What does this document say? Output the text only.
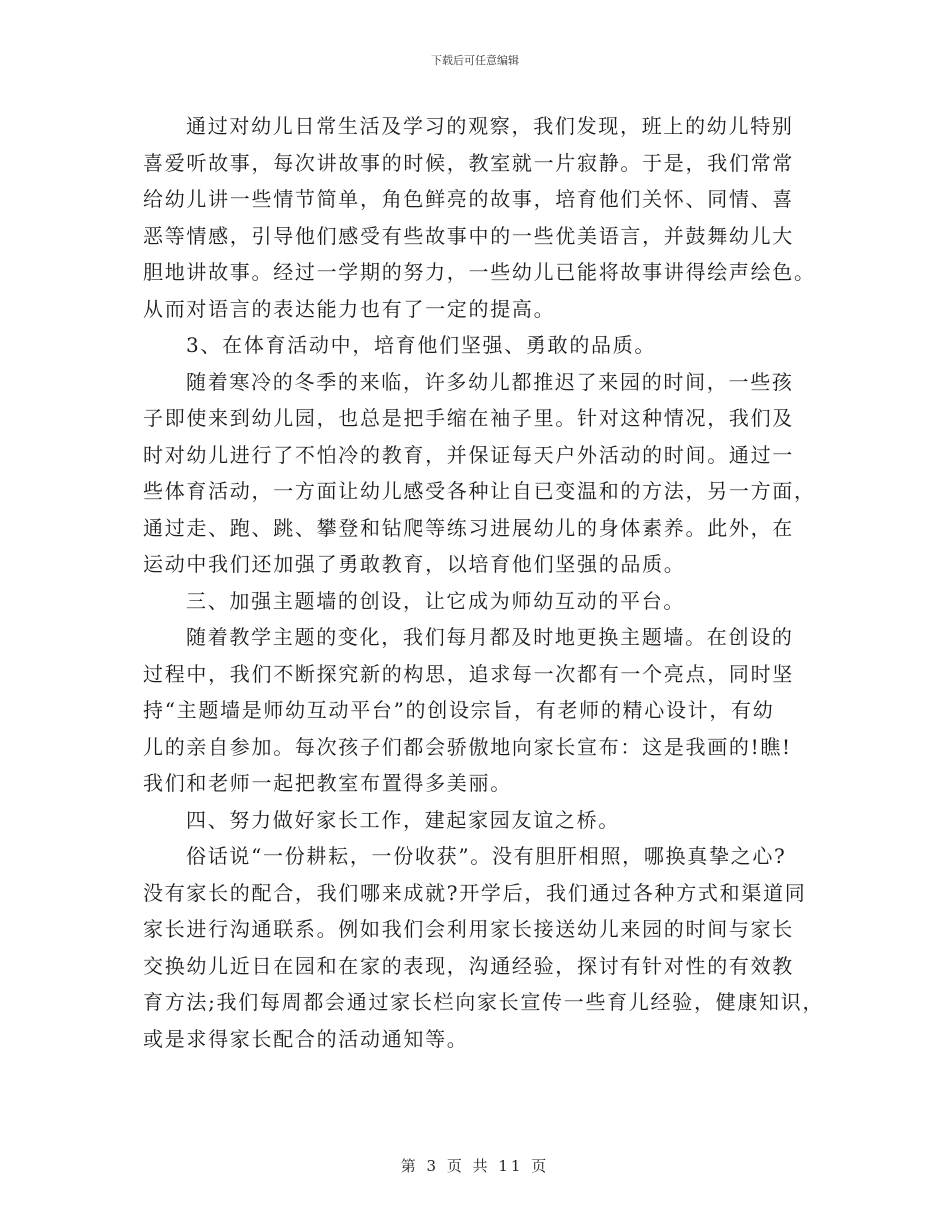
下载后可任意编辑
通过对幼儿日常生活及学习的观察，我们发现，班上的幼儿特别
喜爱听故事，每次讲故事的时候，教室就一片寂静。于是，我们常常
给幼儿讲一些情节简单，角色鲜亮的故事，培育他们关怀、同情、喜
恶等情感，引导他们感受有些故事中的一些优美语言，并鼓舞幼儿大
胆地讲故事。经过一学期的努力，一些幼儿已能将故事讲得绘声绘色。
从而对语言的表达能力也有了一定的提高。
3、在体育活动中，培育他们坚强、勇敢的品质。
随着寒冷的冬季的来临，许多幼儿都推迟了来园的时间，一些孩
子即使来到幼儿园，也总是把手缩在袖子里。针对这种情况，我们及
时对幼儿进行了不怕冷的教育，并保证每天户外活动的时间。通过一
些体育活动，一方面让幼儿感受各种让自已变温和的方法，另一方面，
通过走、跑、跳、攀登和钻爬等练习进展幼儿的身体素养。此外，在
运动中我们还加强了勇敢教育，以培育他们坚强的品质。
三、加强主题墙的创设，让它成为师幼互动的平台。
随着教学主题的变化，我们每月都及时地更换主题墙。在创设的
过程中，我们不断探究新的构思，追求每一次都有一个亮点，同时坚
持“主题墙是师幼互动平台”的创设宗旨，有老师的精心设计，有幼
儿的亲自参加。每次孩子们都会骄傲地向家长宣布：这是我画的!瞧!
我们和老师一起把教室布置得多美丽。
四、努力做好家长工作，建起家园友谊之桥。
俗话说“一份耕耘，一份收获”。没有胆肝相照，哪换真挚之心?
没有家长的配合，我们哪来成就?开学后，我们通过各种方式和渠道同
家长进行沟通联系。例如我们会利用家长接送幼儿来园的时间与家长
交换幼儿近日在园和在家的表现，沟通经验，探讨有针对性的有效教
育方法;我们每周都会通过家长栏向家长宣传一些育儿经验，健康知识，
或是求得家长配合的活动通知等。
第 3 页 共 11 页
